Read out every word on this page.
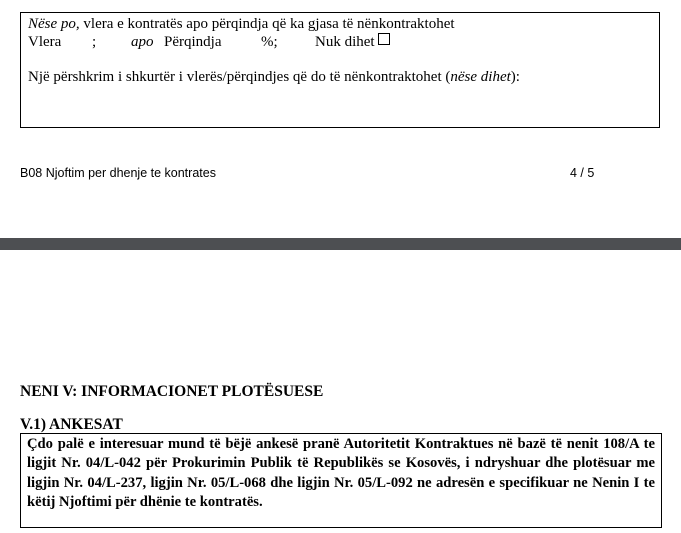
Nëse po, vlera e kontratës apo përqindja që ka gjasa të nënkontraktohet
Vlera ; apo Përqindja	%; Nuk dihet
Një përshkrim i shkurtër i vlerës/përqindjes që do të nënkontraktohet (nëse dihet):
B08 Njoftim per dhenje te kontrates	4 / 5
NENI V: INFORMACIONET PLOTËSUESE
V.1) ANKESAT
Çdo palë e interesuar mund të bëjë ankesë pranë Autoritetit Kontraktues në bazë të nenit 108/A te ligjit Nr. 04/L-042 për Prokurimin Publik të Republikës se Kosovës, i ndryshuar dhe plotësuar me ligjin Nr. 04/L-237, ligjin Nr. 05/L-068 dhe ligjin Nr. 05/L-092 ne adresën e specifikuar ne Nenin I te këtij Njoftimi për dhënie te kontratës.
